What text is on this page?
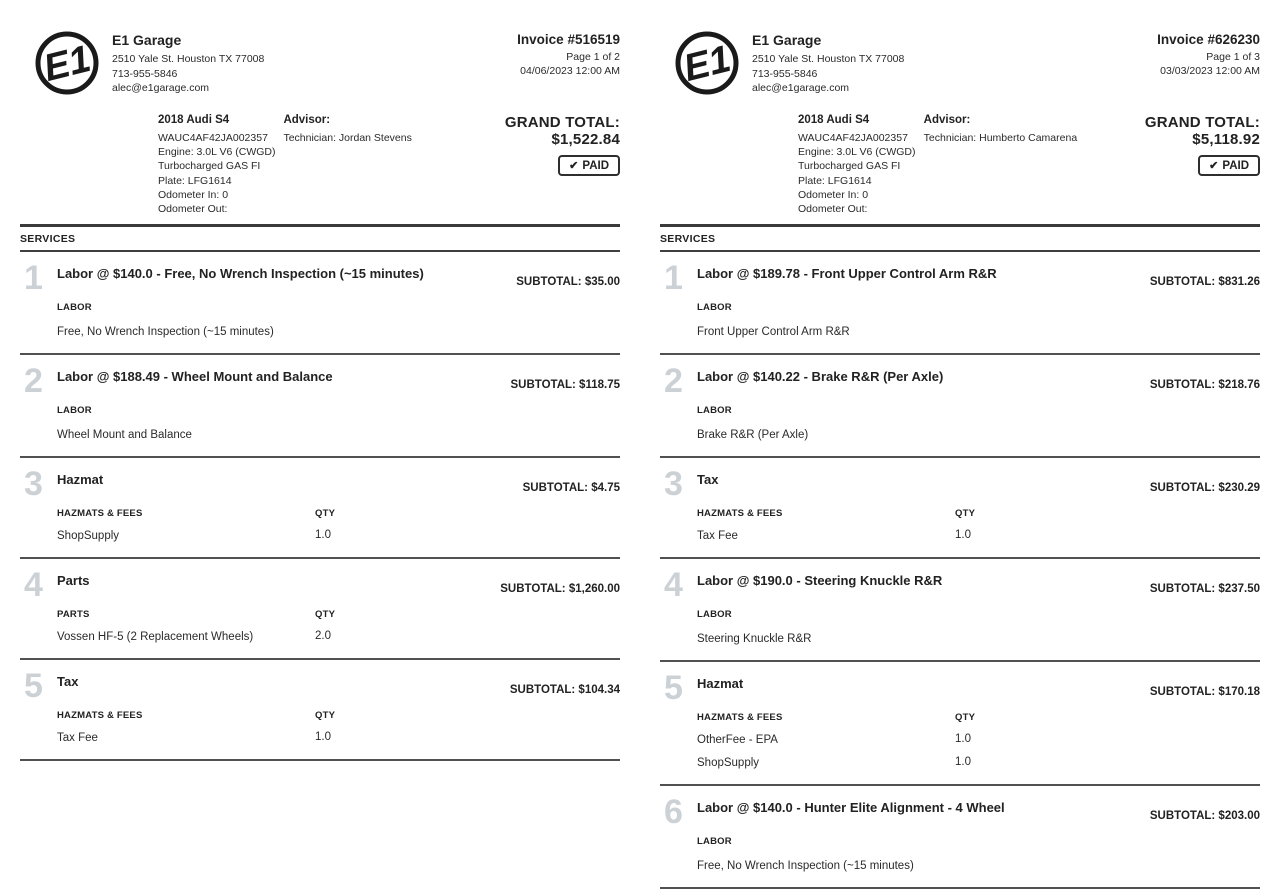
E1 E1 Garage
2510 Yale St. Houston TX 77008
713-955-5846
alec@e1garage.com
Invoice #516519
Page 1 of 2
04/06/2023 12:00 AM
2018 Audi S4
WAUC4AF42JA002357
Engine: 3.0L V6 (CWGD)
Turbocharged GAS FI
Plate: LFG1614
Odometer In: 0
Odometer Out:
Advisor:
Technician: Jordan Stevens
GRAND TOTAL: $1,522.84
✔ PAID
SERVICES
1	Labor @ $140.0 - Free, No Wrench Inspection (~15 minutes)
SUBTOTAL: $35.00
LABOR
Free, No Wrench Inspection (~15 minutes)
2	Labor @ $188.49 - Wheel Mount and Balance
SUBTOTAL: $118.75
LABOR
Wheel Mount and Balance
3	Hazmat
SUBTOTAL: $4.75
HAZMATS & FEES	QTY
ShopSupply	1.0
4	Parts
SUBTOTAL: $1,260.00
PARTS	QTY
Vossen HF-5 (2 Replacement Wheels)	2.0
5	Tax
SUBTOTAL: $104.34
HAZMATS & FEES	QTY
Tax Fee	1.0
E1 E1 Garage
2510 Yale St. Houston TX 77008
713-955-5846
alec@e1garage.com
Invoice #626230
Page 1 of 3
03/03/2023 12:00 AM
2018 Audi S4
WAUC4AF42JA002357
Engine: 3.0L V6 (CWGD)
Turbocharged GAS FI
Plate: LFG1614
Odometer In: 0
Odometer Out:
Advisor:
Technician: Humberto Camarena
GRAND TOTAL: $5,118.92
✔ PAID
SERVICES
1	Labor @ $189.78 - Front Upper Control Arm R&R
SUBTOTAL: $831.26
LABOR
Front Upper Control Arm R&R
2	Labor @ $140.22 - Brake R&R (Per Axle)
SUBTOTAL: $218.76
LABOR
Brake R&R (Per Axle)
3	Tax
SUBTOTAL: $230.29
HAZMATS & FEES	QTY
Tax Fee	1.0
4	Labor @ $190.0 - Steering Knuckle R&R
SUBTOTAL: $237.50
LABOR
Steering Knuckle R&R
5	Hazmat
SUBTOTAL: $170.18
HAZMATS & FEES	QTY
OtherFee - EPA	1.0
ShopSupply	1.0
6	Labor @ $140.0 - Hunter Elite Alignment - 4 Wheel
SUBTOTAL: $203.00
LABOR
Free, No Wrench Inspection (~15 minutes)
